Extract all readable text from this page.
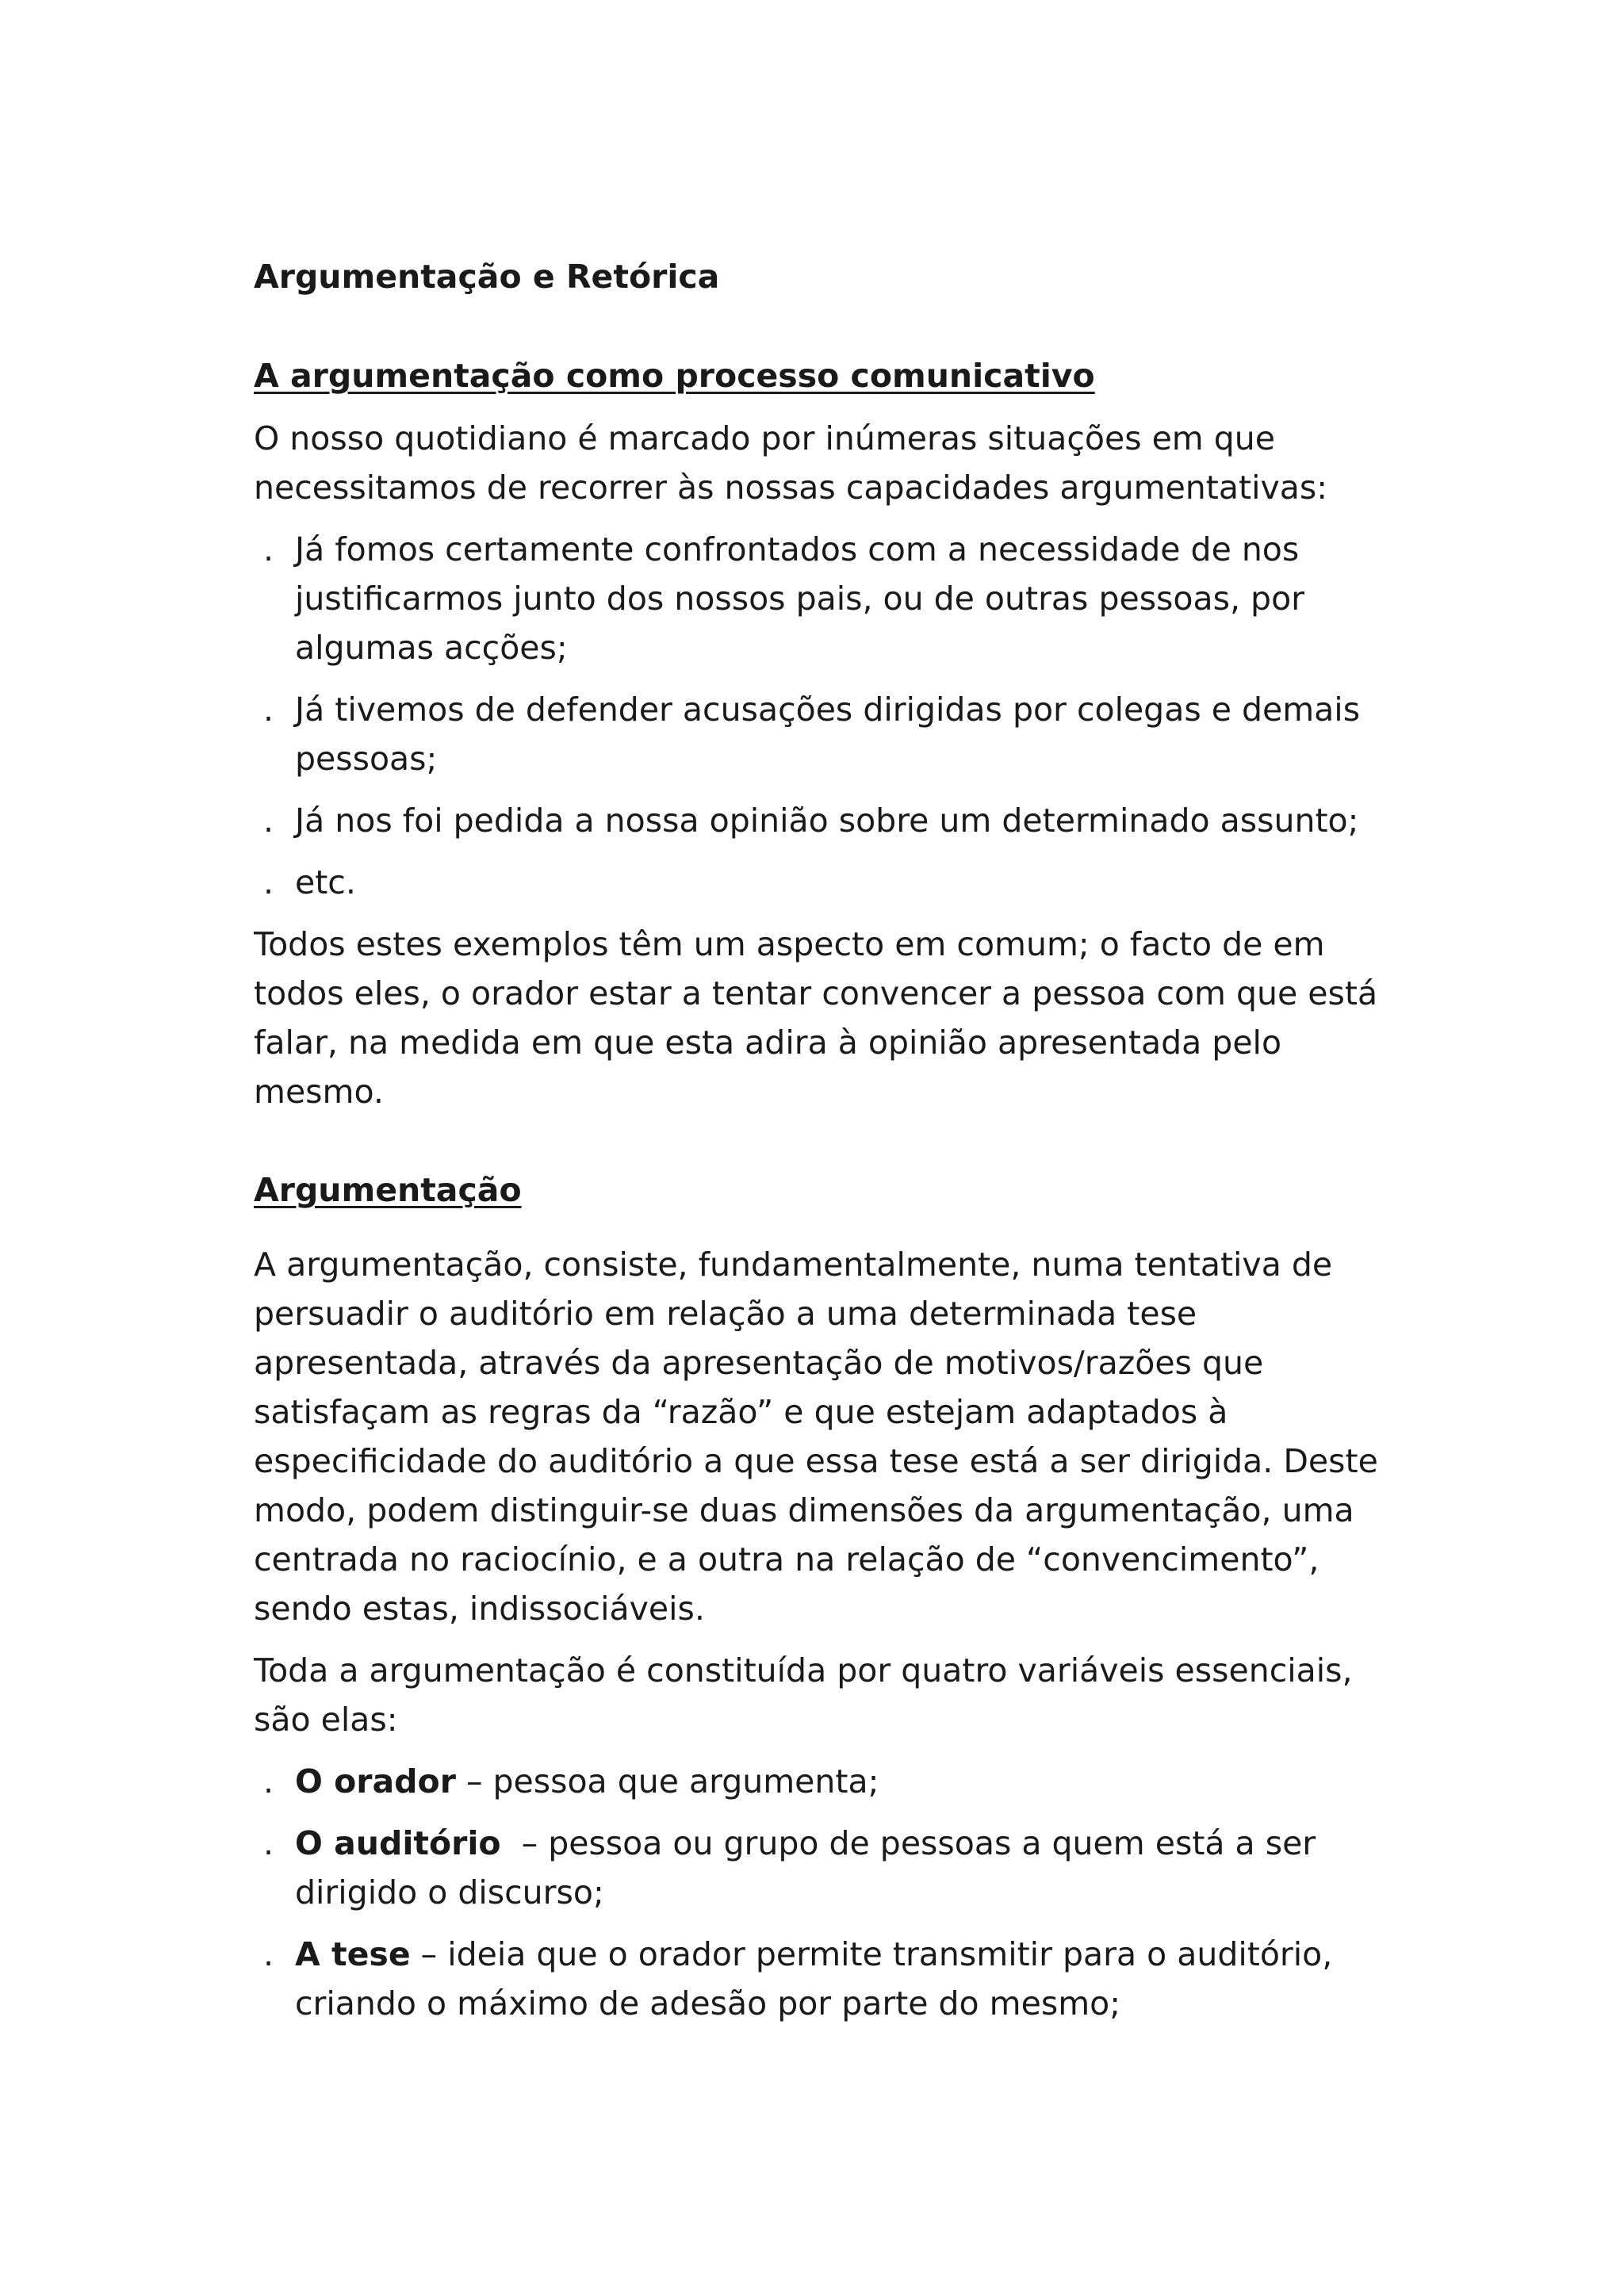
Argumentação e Retórica
A argumentação como processo comunicativo

O nosso quotidiano é marcado por inúmeras situações em que necessitamos de recorrer às nossas capacidades argumentativas:

. Já fomos certamente confrontados com a necessidade de nos justificarmos junto dos nossos pais, ou de outras pessoas, por algumas acções;
. Já tivemos de defender acusações dirigidas por colegas e demais pessoas;
. Já nos foi pedida a nossa opinião sobre um determinado assunto;
. etc.

Todos estes exemplos têm um aspecto em comum; o facto de em todos eles, o orador estar a tentar convencer a pessoa com que está falar, na medida em que esta adira à opinião apresentada pelo mesmo.

Argumentação

A argumentação, consiste, fundamentalmente, numa tentativa de persuadir o auditório em relação a uma determinada tese apresentada, através da apresentação de motivos/razões que satisfaçam as regras da “razão” e que estejam adaptados à especificidade do auditório a que essa tese está a ser dirigida. Deste modo, podem distinguir-se duas dimensões da argumentação, uma centrada no raciocínio, e a outra na relação de “convencimento”, sendo estas, indissociáveis.

Toda a argumentação é constituída por quatro variáveis essenciais, são elas:

. O orador – pessoa que argumenta;
. O auditório  – pessoa ou grupo de pessoas a quem está a ser dirigido o discurso;
. A tese – ideia que o orador permite transmitir para o auditório, criando o máximo de adesão por parte do mesmo;
